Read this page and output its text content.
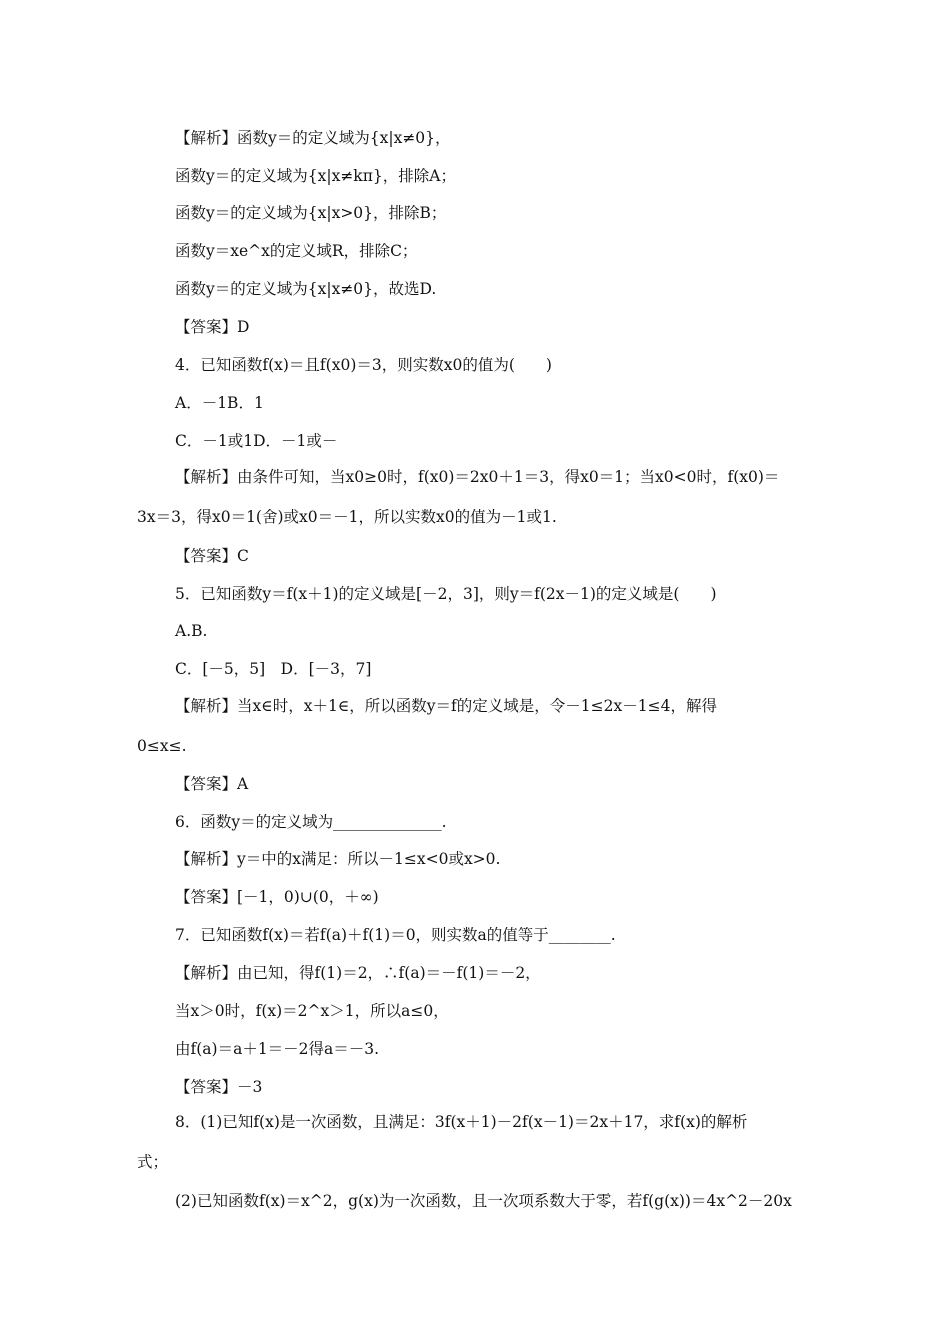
【解析】函数y＝的定义域为{x|x≠0}，
函数y＝的定义域为{x|x≠kπ}，排除A；
函数y＝的定义域为{x|x>0}，排除B；
函数y＝xe^x的定义域R，排除C；
函数y＝的定义域为{x|x≠0}，故选D.
【答案】D
4．已知函数f(x)＝且f(x0)＝3，则实数x0的值为(　　)
A．－1B．1
C．－1或1D．－1或－
【解析】由条件可知，当x0≥0时，f(x0)＝2x0＋1＝3，得x0＝1；当x0<0时，f(x0)＝
3x＝3，得x0＝1(舍)或x0＝－1，所以实数x0的值为－1或1.
【答案】C
5．已知函数y＝f(x＋1)的定义域是[－2，3]，则y＝f(2x－1)的定义域是(　　)
A.B.
C．[－5，5]　D．[－3，7]
【解析】当x∈时，x＋1∈，所以函数y＝f的定义域是，令－1≤2x－1≤4，解得
0≤x≤.
【答案】A
6．函数y＝的定义域为______________.
【解析】y＝中的x满足：所以－1≤x<0或x>0.
【答案】[－1，0)∪(0，＋∞)
7．已知函数f(x)＝若f(a)＋f(1)＝0，则实数a的值等于________.
【解析】由已知，得f(1)＝2，∴f(a)＝－f(1)＝－2，
当x＞0时，f(x)＝2^x＞1，所以a≤0，
由f(a)＝a＋1＝－2得a＝－3.
【答案】－3
8．(1)已知f(x)是一次函数，且满足：3f(x＋1)－2f(x－1)＝2x＋17，求f(x)的解析
式；
(2)已知函数f(x)＝x^2，g(x)为一次函数，且一次项系数大于零，若f(g(x))＝4x^2－20x
